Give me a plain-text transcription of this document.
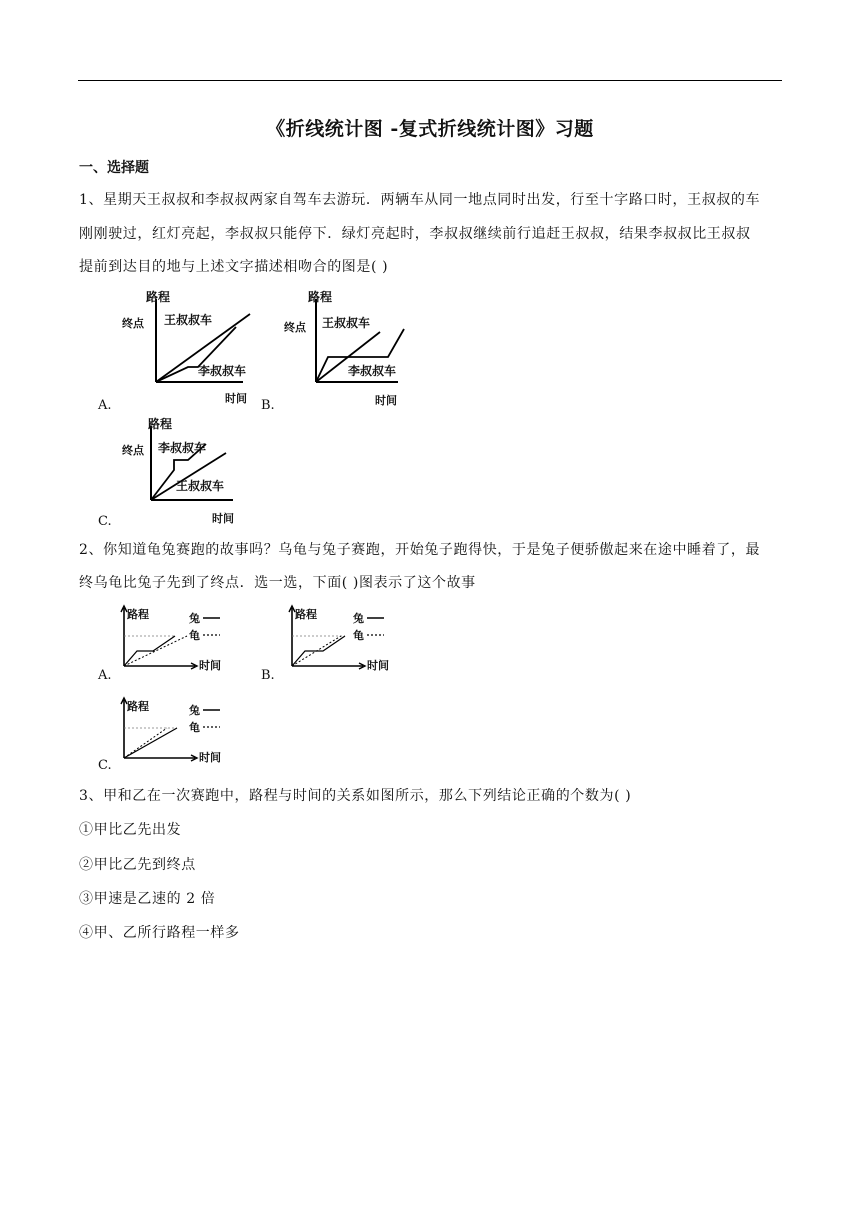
《折线统计图 -复式折线统计图》习题
一、选择题
1、星期天王叔叔和李叔叔两家自驾车去游玩．两辆车从同一地点同时出发，行至十字路口时，王叔叔的车
刚刚驶过，红灯亮起，李叔叔只能停下．绿灯亮起时，李叔叔继续前行追赶王叔叔，结果李叔叔比王叔叔
提前到达目的地与上述文字描述相吻合的图是( )
路程
终点 王叔叔车
李叔叔车
时间
A.
路程
终点 王叔叔车
李叔叔车
时间
B.
路程
终点 李叔叔车
王叔叔车
时间
C.
2、你知道龟兔赛跑的故事吗？乌龟与兔子赛跑，开始兔子跑得快，于是兔子便骄傲起来在途中睡着了，最
终乌龟比兔子先到了终点．选一选，下面( )图表示了这个故事
路程
时间
兔
龟
A.
路程
时间
兔
龟
B.
路程
时间
兔
龟
C.
3、甲和乙在一次赛跑中，路程与时间的关系如图所示，那么下列结论正确的个数为( )
①甲比乙先出发
②甲比乙先到终点
③甲速是乙速的 2 倍
④甲、乙所行路程一样多
